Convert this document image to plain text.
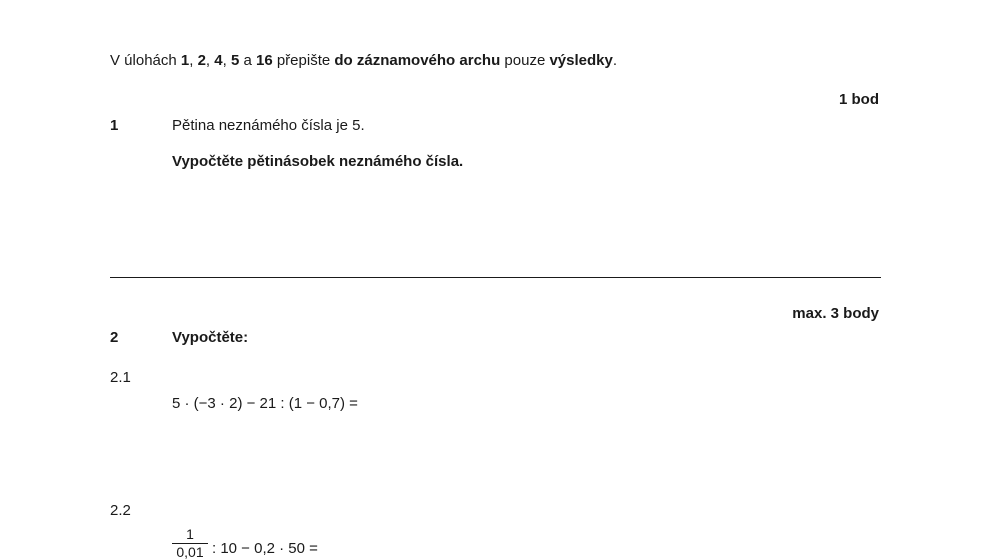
V úlohách 1, 2, 4, 5 a 16 přepište do záznamového archu pouze výsledky.
1 bod
1	Pětina neznámého čísla je 5.
Vypočtěte pětinásobek neznámého čísla.
max. 3 body
2	Vypočtěte:
2.1
5 · (−3 · 2) − 21 : (1 − 0,7) =
2.2
1
0,01 : 10 − 0,2 · 50 =
